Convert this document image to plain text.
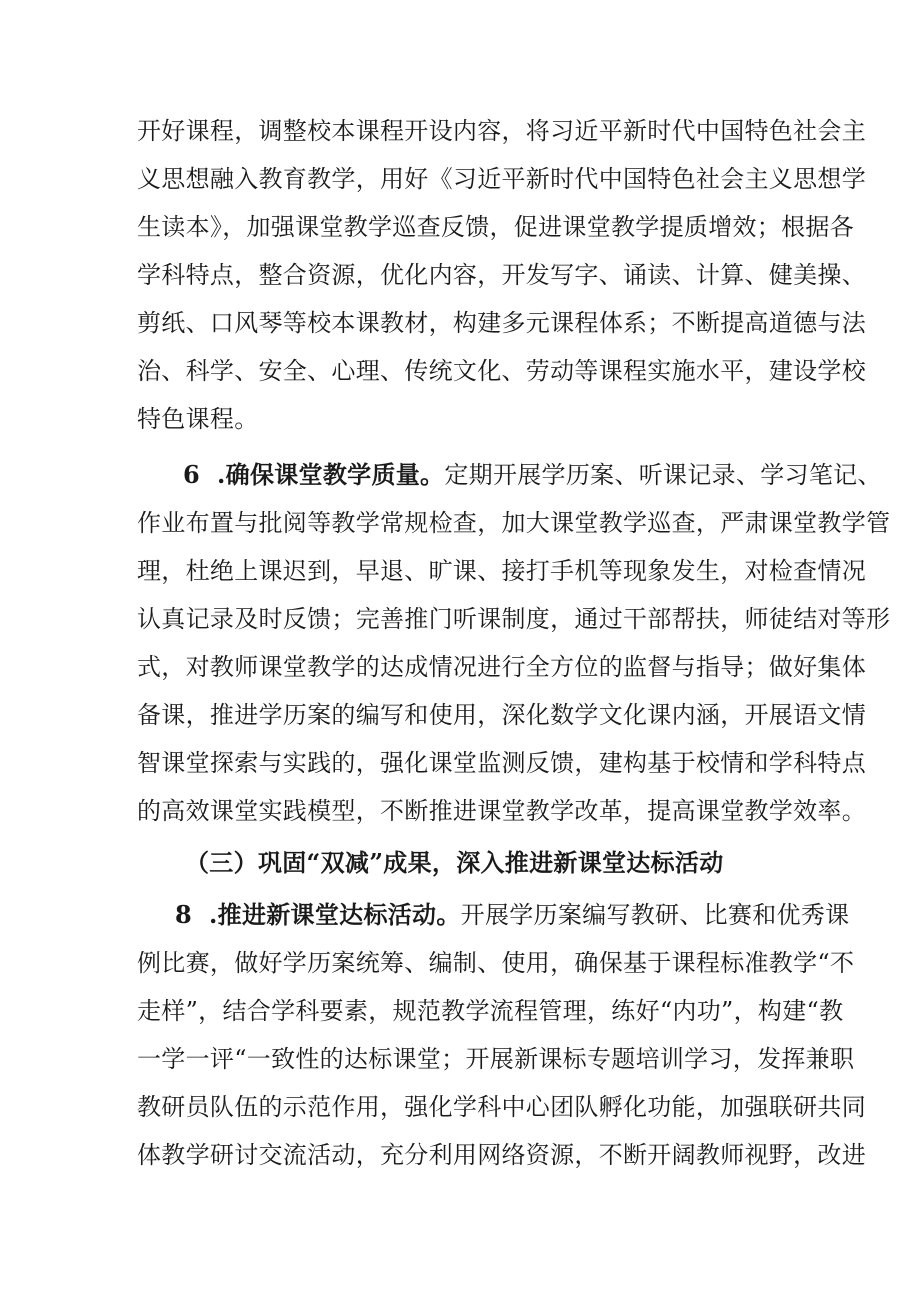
开好课程，调整校本课程开设内容，将习近平新时代中国特色社会主
义思想融入教育教学，用好《习近平新时代中国特色社会主义思想学
生读本》，加强课堂教学巡查反馈，促进课堂教学提质增效；根据各
学科特点，整合资源，优化内容，开发写字、诵读、计算、健美操、
剪纸、口风琴等校本课教材，构建多元课程体系；不断提高道德与法
治、科学、安全、心理、传统文化、劳动等课程实施水平，建设学校
特色课程。
6 .确保课堂教学质量。定期开展学历案、听课记录、学习笔记、
作业布置与批阅等教学常规检查，加大课堂教学巡查，严肃课堂教学管
理，杜绝上课迟到，早退、旷课、接打手机等现象发生，对检查情况
认真记录及时反馈；完善推门听课制度，通过干部帮扶，师徒结对等形
式，对教师课堂教学的达成情况进行全方位的监督与指导；做好集体
备课，推进学历案的编写和使用，深化数学文化课内涵，开展语文情
智课堂探索与实践的，强化课堂监测反馈，建构基于校情和学科特点
的高效课堂实践模型，不断推进课堂教学改革，提高课堂教学效率。
（三）巩固“双减”成果，深入推进新课堂达标活动
8 .推进新课堂达标活动。开展学历案编写教研、比赛和优秀课
例比赛，做好学历案统筹、编制、使用，确保基于课程标准教学“不
走样”，结合学科要素，规范教学流程管理，练好“内功”，构建“教
一学一评“一致性的达标课堂；开展新课标专题培训学习，发挥兼职
教研员队伍的示范作用，强化学科中心团队孵化功能，加强联研共同
体教学研讨交流活动，充分利用网络资源，不断开阔教师视野，改进
